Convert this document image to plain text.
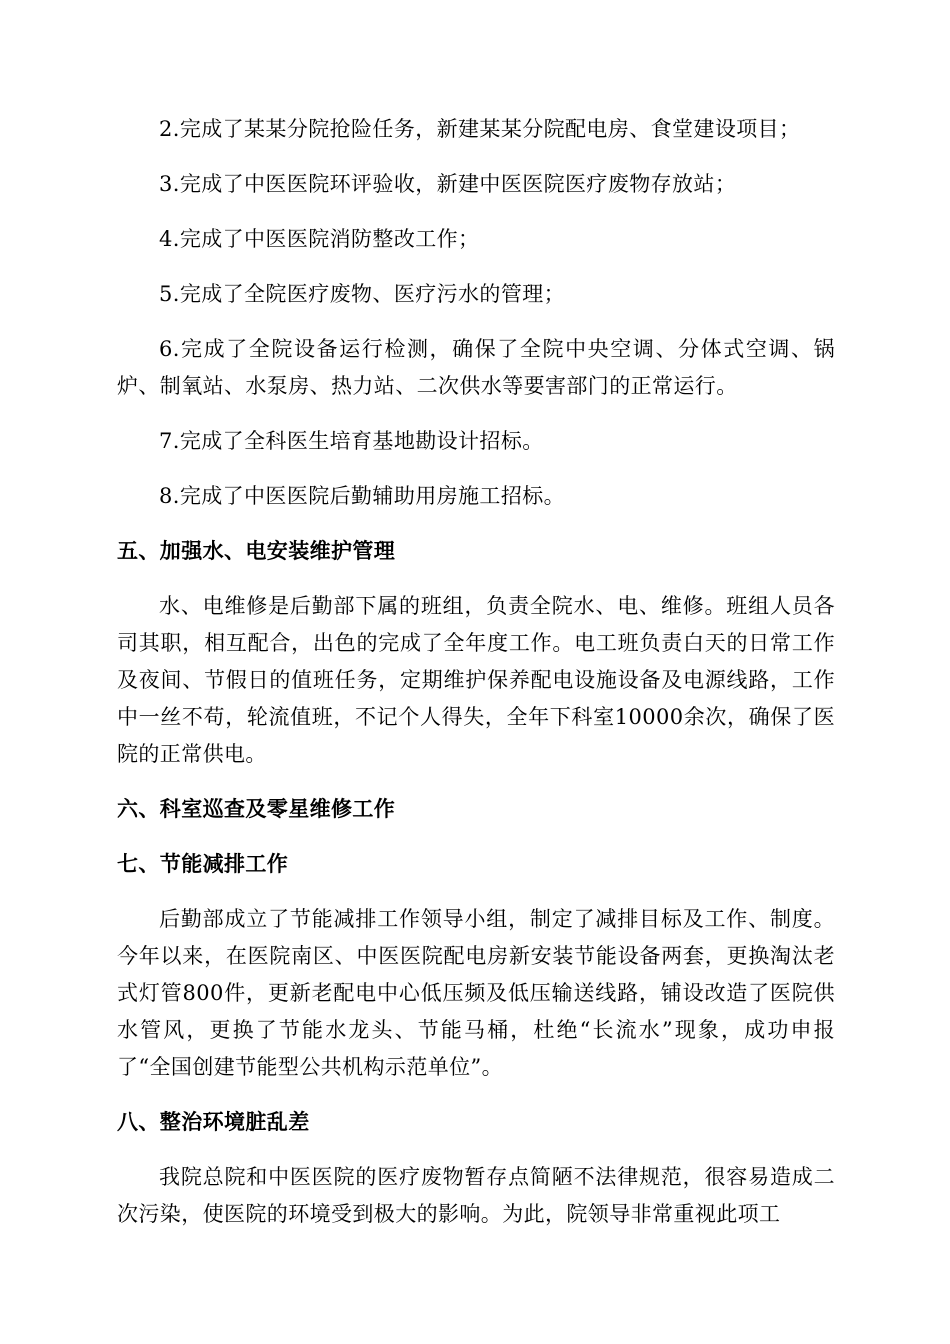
2.完成了某某分院抢险任务，新建某某分院配电房、食堂建设项目；

3.完成了中医医院环评验收，新建中医医院医疗废物存放站；

4.完成了中医医院消防整改工作；

5.完成了全院医疗废物、医疗污水的管理；

6.完成了全院设备运行检测，确保了全院中央空调、分体式空调、锅炉、制氧站、水泵房、热力站、二次供水等要害部门的正常运行。

7.完成了全科医生培育基地勘设计招标。

8.完成了中医医院后勤辅助用房施工招标。

五、加强水、电安装维护管理

水、电维修是后勤部下属的班组，负责全院水、电、维修。班组人员各司其职，相互配合，出色的完成了全年度工作。电工班负责白天的日常工作及夜间、节假日的值班任务，定期维护保养配电设施设备及电源线路，工作中一丝不苟，轮流值班，不记个人得失，全年下科室10000余次，确保了医院的正常供电。

六、科室巡查及零星维修工作
七、节能减排工作

后勤部成立了节能减排工作领导小组，制定了减排目标及工作、制度。今年以来，在医院南区、中医医院配电房新安装节能设备两套，更换淘汰老式灯管800件，更新老配电中心低压频及低压输送线路，铺设改造了医院供水管风，更换了节能水龙头、节能马桶，杜绝“长流水”现象，成功申报了“全国创建节能型公共机构示范单位”。

八、整治环境脏乱差

我院总院和中医医院的医疗废物暂存点简陋不法律规范，很容易造成二次污染，使医院的环境受到极大的影响。为此，院领导非常重视此项工
